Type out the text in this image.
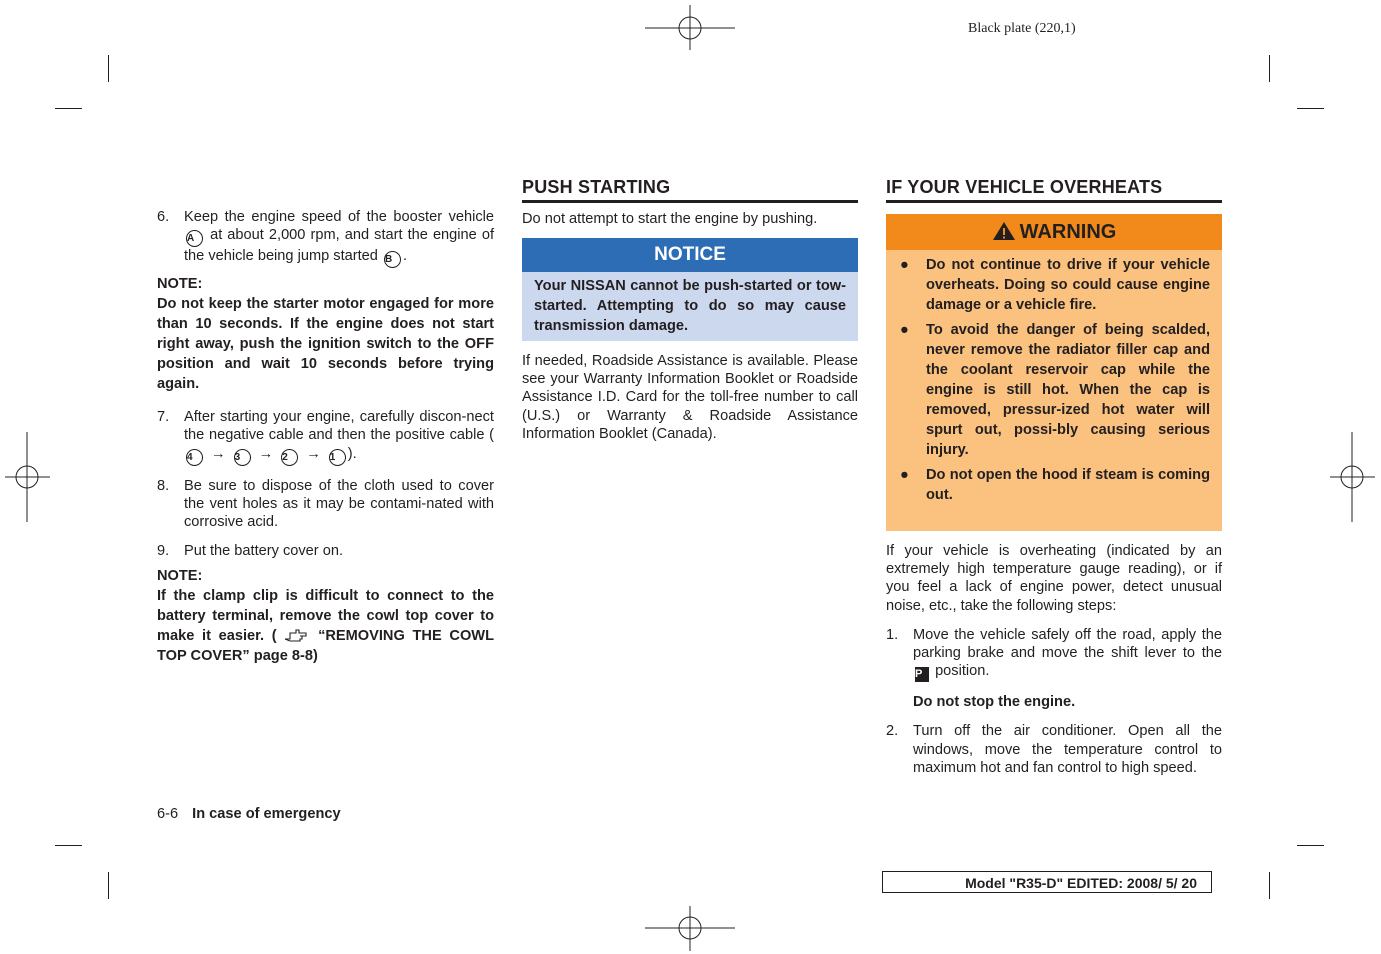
Black plate (220,1)
6. Keep the engine speed of the booster vehicle A at about 2,000 rpm, and start the engine of the vehicle being jump started B .

NOTE:

Do not keep the starter motor engaged for more than 10 seconds. If the engine does not start right away, push the ignition switch to the OFF position and wait 10 seconds before trying again.

7. After starting your engine, carefully discon-nect the negative cable and then the positive cable (4 → 3 → 2 → 1 ).
8. Be sure to dispose of the cloth used to cover the vent holes as it may be contami-nated with corrosive acid.
9. Put the battery cover on.

NOTE:

If the clamp clip is difficult to connect to the battery terminal, remove the cowl top cover to make it easier. (	“REMOVING THE COWL TOP COVER” page 8-8)

PUSH STARTING

Do not attempt to start the engine by pushing.

NOTICE
Your NISSAN cannot be push-started or tow-started. Attempting to do so may cause transmission damage.

If needed, Roadside Assistance is available. Please see your Warranty Information Booklet or Roadside Assistance I.D. Card for the toll-free number to call (U.S.) or Warranty & Roadside Assistance Information Booklet (Canada).

IF YOUR VEHICLE OVERHEATS
WARNING
● Do not continue to drive if your vehicle overheats. Doing so could cause engine damage or a vehicle fire.
● To avoid the danger of being scalded, never remove the radiator filler cap and the coolant reservoir cap while the engine is still hot. When the cap is removed, pressur-ized hot water will spurt out, possi-bly causing serious injury.
● Do not open the hood if steam is coming out.

If your vehicle is overheating (indicated by an extremely high temperature gauge reading), or if you feel a lack of engine power, detect unusual noise, etc., take the following steps:

1. Move the vehicle safely off the road, apply the parking brake and move the shift lever to the P position.

Do not stop the engine.

2. Turn off the air conditioner. Open all the windows, move the temperature control to maximum hot and fan control to high speed.
6-6 In case of emergency
Model "R35-D" EDITED: 2008/ 5/ 20
